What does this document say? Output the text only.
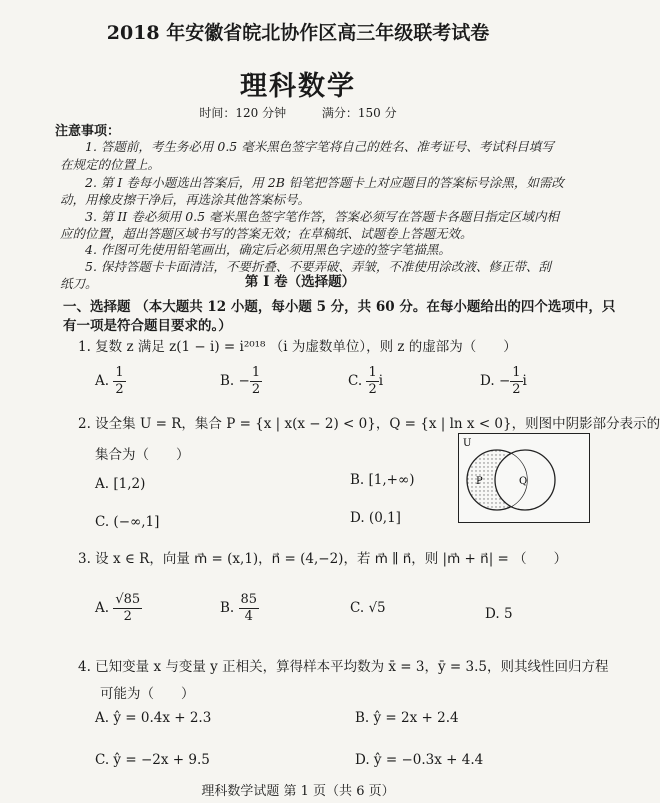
2018 年安徽省皖北协作区高三年级联考试卷
理科数学
时间：120 分钟	满分：150 分
注意事项：
1. 答题前，考生务必用 0.5 毫米黑色签字笔将自己的姓名、准考证号、考试科目填写
在规定的位置上。
2. 第 I 卷每小题选出答案后，用 2B 铅笔把答题卡上对应题目的答案标号涂黑，如需改
动，用橡皮擦干净后，再选涂其他答案标号。
3. 第 II 卷必须用 0.5 毫米黑色签字笔作答，答案必须写在答题卡各题目指定区域内相
应的位置，超出答题区域书写的答案无效；在草稿纸、试题卷上答题无效。
4. 作图可先使用铅笔画出，确定后必须用黑色字迹的签字笔描黑。
5. 保持答题卡卡面清洁，不要折叠、不要弄破、弄皱，不准使用涂改液、修正带、刮
纸刀。	第 I 卷（选择题）
一、选择题 （本大题共 12 小题，每小题 5 分，共 60 分。在每小题给出的四个选项中，只
有一项是符合题目要求的。）
1. 复数 z 满足 z(1 − i) = i²⁰¹⁸ （i 为虚数单位），则 z 的虚部为（　　）
A. $\frac{1}{2}$	B. − $\frac{1}{2}$	C. $\frac{1}{2}$ i	D. − $\frac{1}{2}$ i
2. 设全集 U = R，集合 P = {x | x(x − 2) < 0}，Q = {x | ln x < 0}，则图中阴影部分表示的
集合为（　　）
A. [1,2)	B. [1,+∞)
C. (−∞,1]	D. (0,1]
U
P	Q
3. 设 x ∈ R，向量 m⃗ = (x,1)，n⃗ = (4,−2)，若 m⃗ ∥ n⃗，则 |m⃗ + n⃗| = （　　）
A. $\frac{√85}{2}$	B. $\frac{85}{4}$	C. √5	D. 5
4. 已知变量 x 与变量 y 正相关，算得样本平均数为 x̄ = 3，ȳ = 3.5，则其线性回归方程
可能为（　　）
A. ŷ = 0.4x + 2.3	B. ŷ = 2x + 2.4
C. ŷ = −2x + 9.5	D. ŷ = −0.3x + 4.4
理科数学试题 第 1 页（共 6 页）
